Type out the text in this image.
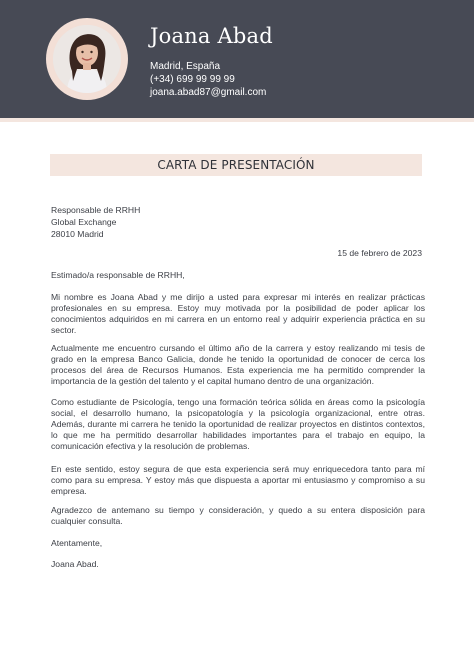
Joana Abad
Madrid, España
(+34) 699 99 99 99
joana.abad87@gmail.com
CARTA DE PRESENTACIÓN
Responsable de RRHH
Global Exchange
28010 Madrid
15 de febrero de 2023
Estimado/a responsable de RRHH,
Mi nombre es Joana Abad y me dirijo a usted para expresar mi interés en realizar prácticas profesionales en su empresa. Estoy muy motivada por la posibilidad de poder aplicar los conocimientos adquiridos en mi carrera en un entorno real y adquirir experiencia práctica en su sector.
Actualmente me encuentro cursando el último año de la carrera y estoy realizando mi tesis de grado en la empresa Banco Galicia, donde he tenido la oportunidad de conocer de cerca los procesos del área de Recursos Humanos. Esta experiencia me ha permitido comprender la importancia de la gestión del talento y el capital humano dentro de una organización.
Como estudiante de Psicología, tengo una formación teórica sólida en áreas como la psicología social, el desarrollo humano, la psicopatología y la psicología organizacional, entre otras. Además, durante mi carrera he tenido la oportunidad de realizar proyectos en distintos contextos, lo que me ha permitido desarrollar habilidades importantes para el trabajo en equipo, la comunicación efectiva y la resolución de problemas.
En este sentido, estoy segura de que esta experiencia será muy enriquecedora tanto para mí como para su empresa. Y estoy más que dispuesta a aportar mi entusiasmo y compromiso a su empresa.
Agradezco de antemano su tiempo y consideración, y quedo a su entera disposición para cualquier consulta.
Atentamente,
Joana Abad.
